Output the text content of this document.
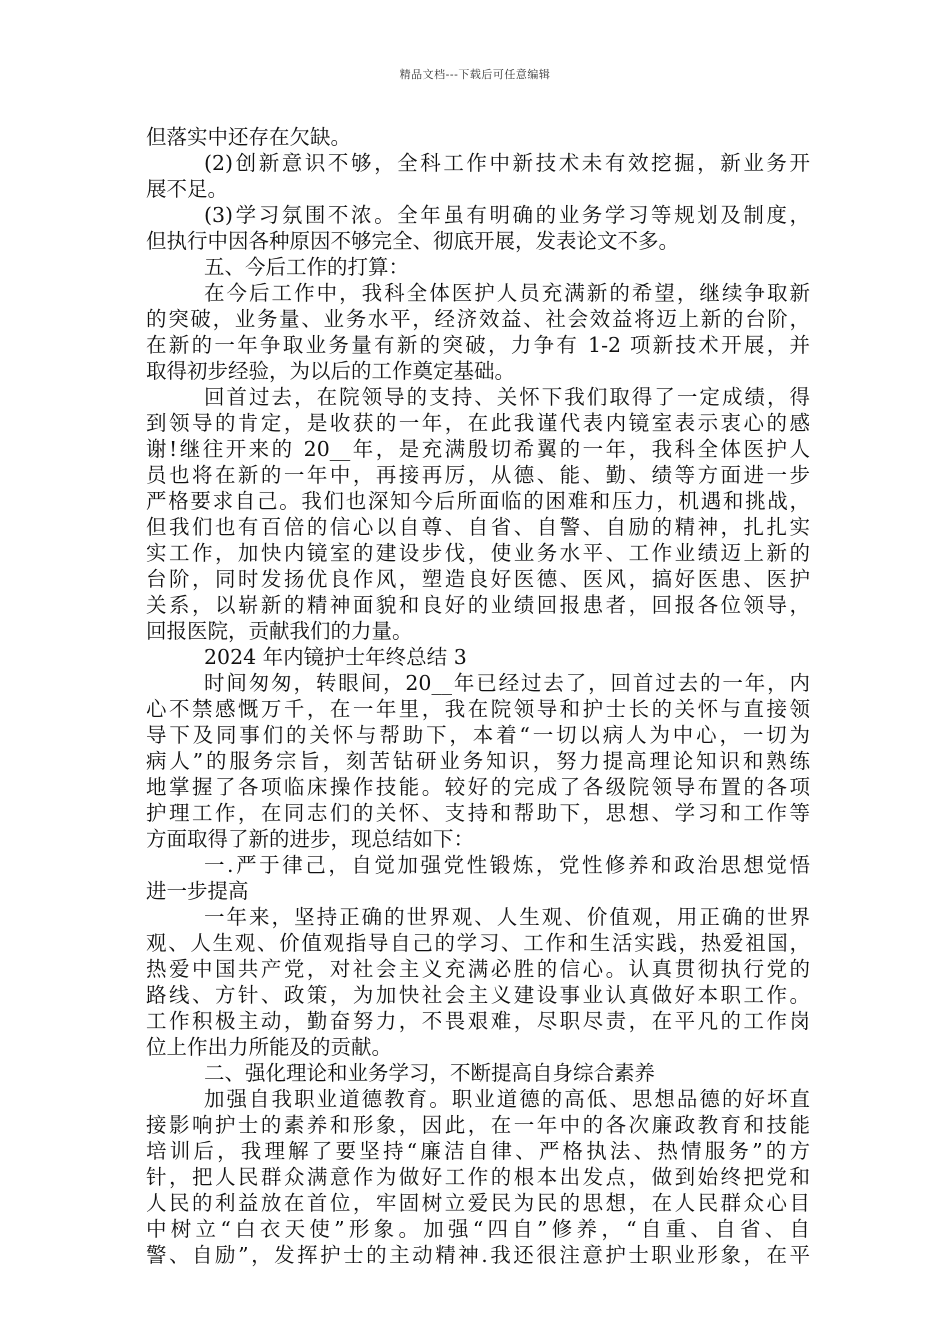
精品文档---下载后可任意编辑
但落实中还存在欠缺。
(2)创新意识不够，全科工作中新技术未有效挖掘，新业务开
展不足。
(3)学习氛围不浓。全年虽有明确的业务学习等规划及制度，
但执行中因各种原因不够完全、彻底开展，发表论文不多。
五、今后工作的打算：
在今后工作中，我科全体医护人员充满新的希望，继续争取新
的突破，业务量、业务水平，经济效益、社会效益将迈上新的台阶，
在新的一年争取业务量有新的突破，力争有 1-2 项新技术开展，并
取得初步经验，为以后的工作奠定基础。
回首过去，在院领导的支持、关怀下我们取得了一定成绩，得
到领导的肯定，是收获的一年，在此我谨代表内镜室表示衷心的感
谢!继往开来的 20__年，是充满殷切希翼的一年，我科全体医护人
员也将在新的一年中，再接再厉，从德、能、勤、绩等方面进一步
严格要求自己。我们也深知今后所面临的困难和压力，机遇和挑战，
但我们也有百倍的信心以自尊、自省、自警、自励的精神，扎扎实
实工作，加快内镜室的建设步伐，使业务水平、工作业绩迈上新的
台阶，同时发扬优良作风，塑造良好医德、医风，搞好医患、医护
关系，以崭新的精神面貌和良好的业绩回报患者，回报各位领导，
回报医院，贡献我们的力量。
2024 年内镜护士年终总结 3
时间匆匆，转眼间，20__年已经过去了，回首过去的一年，内
心不禁感慨万千，在一年里，我在院领导和护士长的关怀与直接领
导下及同事们的关怀与帮助下，本着“一切以病人为中心，一切为
病人”的服务宗旨，刻苦钻研业务知识，努力提高理论知识和熟练
地掌握了各项临床操作技能。较好的完成了各级院领导布置的各项
护理工作，在同志们的关怀、支持和帮助下，思想、学习和工作等
方面取得了新的进步，现总结如下：
一.严于律己，自觉加强党性锻炼，党性修养和政治思想觉悟
进一步提高
一年来，坚持正确的世界观、人生观、价值观，用正确的世界
观、人生观、价值观指导自己的学习、工作和生活实践，热爱祖国，
热爱中国共产党，对社会主义充满必胜的信心。认真贯彻执行党的
路线、方针、政策，为加快社会主义建设事业认真做好本职工作。
工作积极主动，勤奋努力，不畏艰难，尽职尽责，在平凡的工作岗
位上作出力所能及的贡献。
二、强化理论和业务学习，不断提高自身综合素养
加强自我职业道德教育。职业道德的高低、思想品德的好坏直
接影响护士的素养和形象，因此，在一年中的各次廉政教育和技能
培训后，我理解了要坚持“廉洁自律、严格执法、热情服务”的方
针，把人民群众满意作为做好工作的根本出发点，做到始终把党和
人民的利益放在首位，牢固树立爱民为民的思想，在人民群众心目
中树立“白衣天使”形象。加强“四自”修养，“自重、自省、自
警、自励”，发挥护士的主动精神.我还很注意护士职业形象，在平
